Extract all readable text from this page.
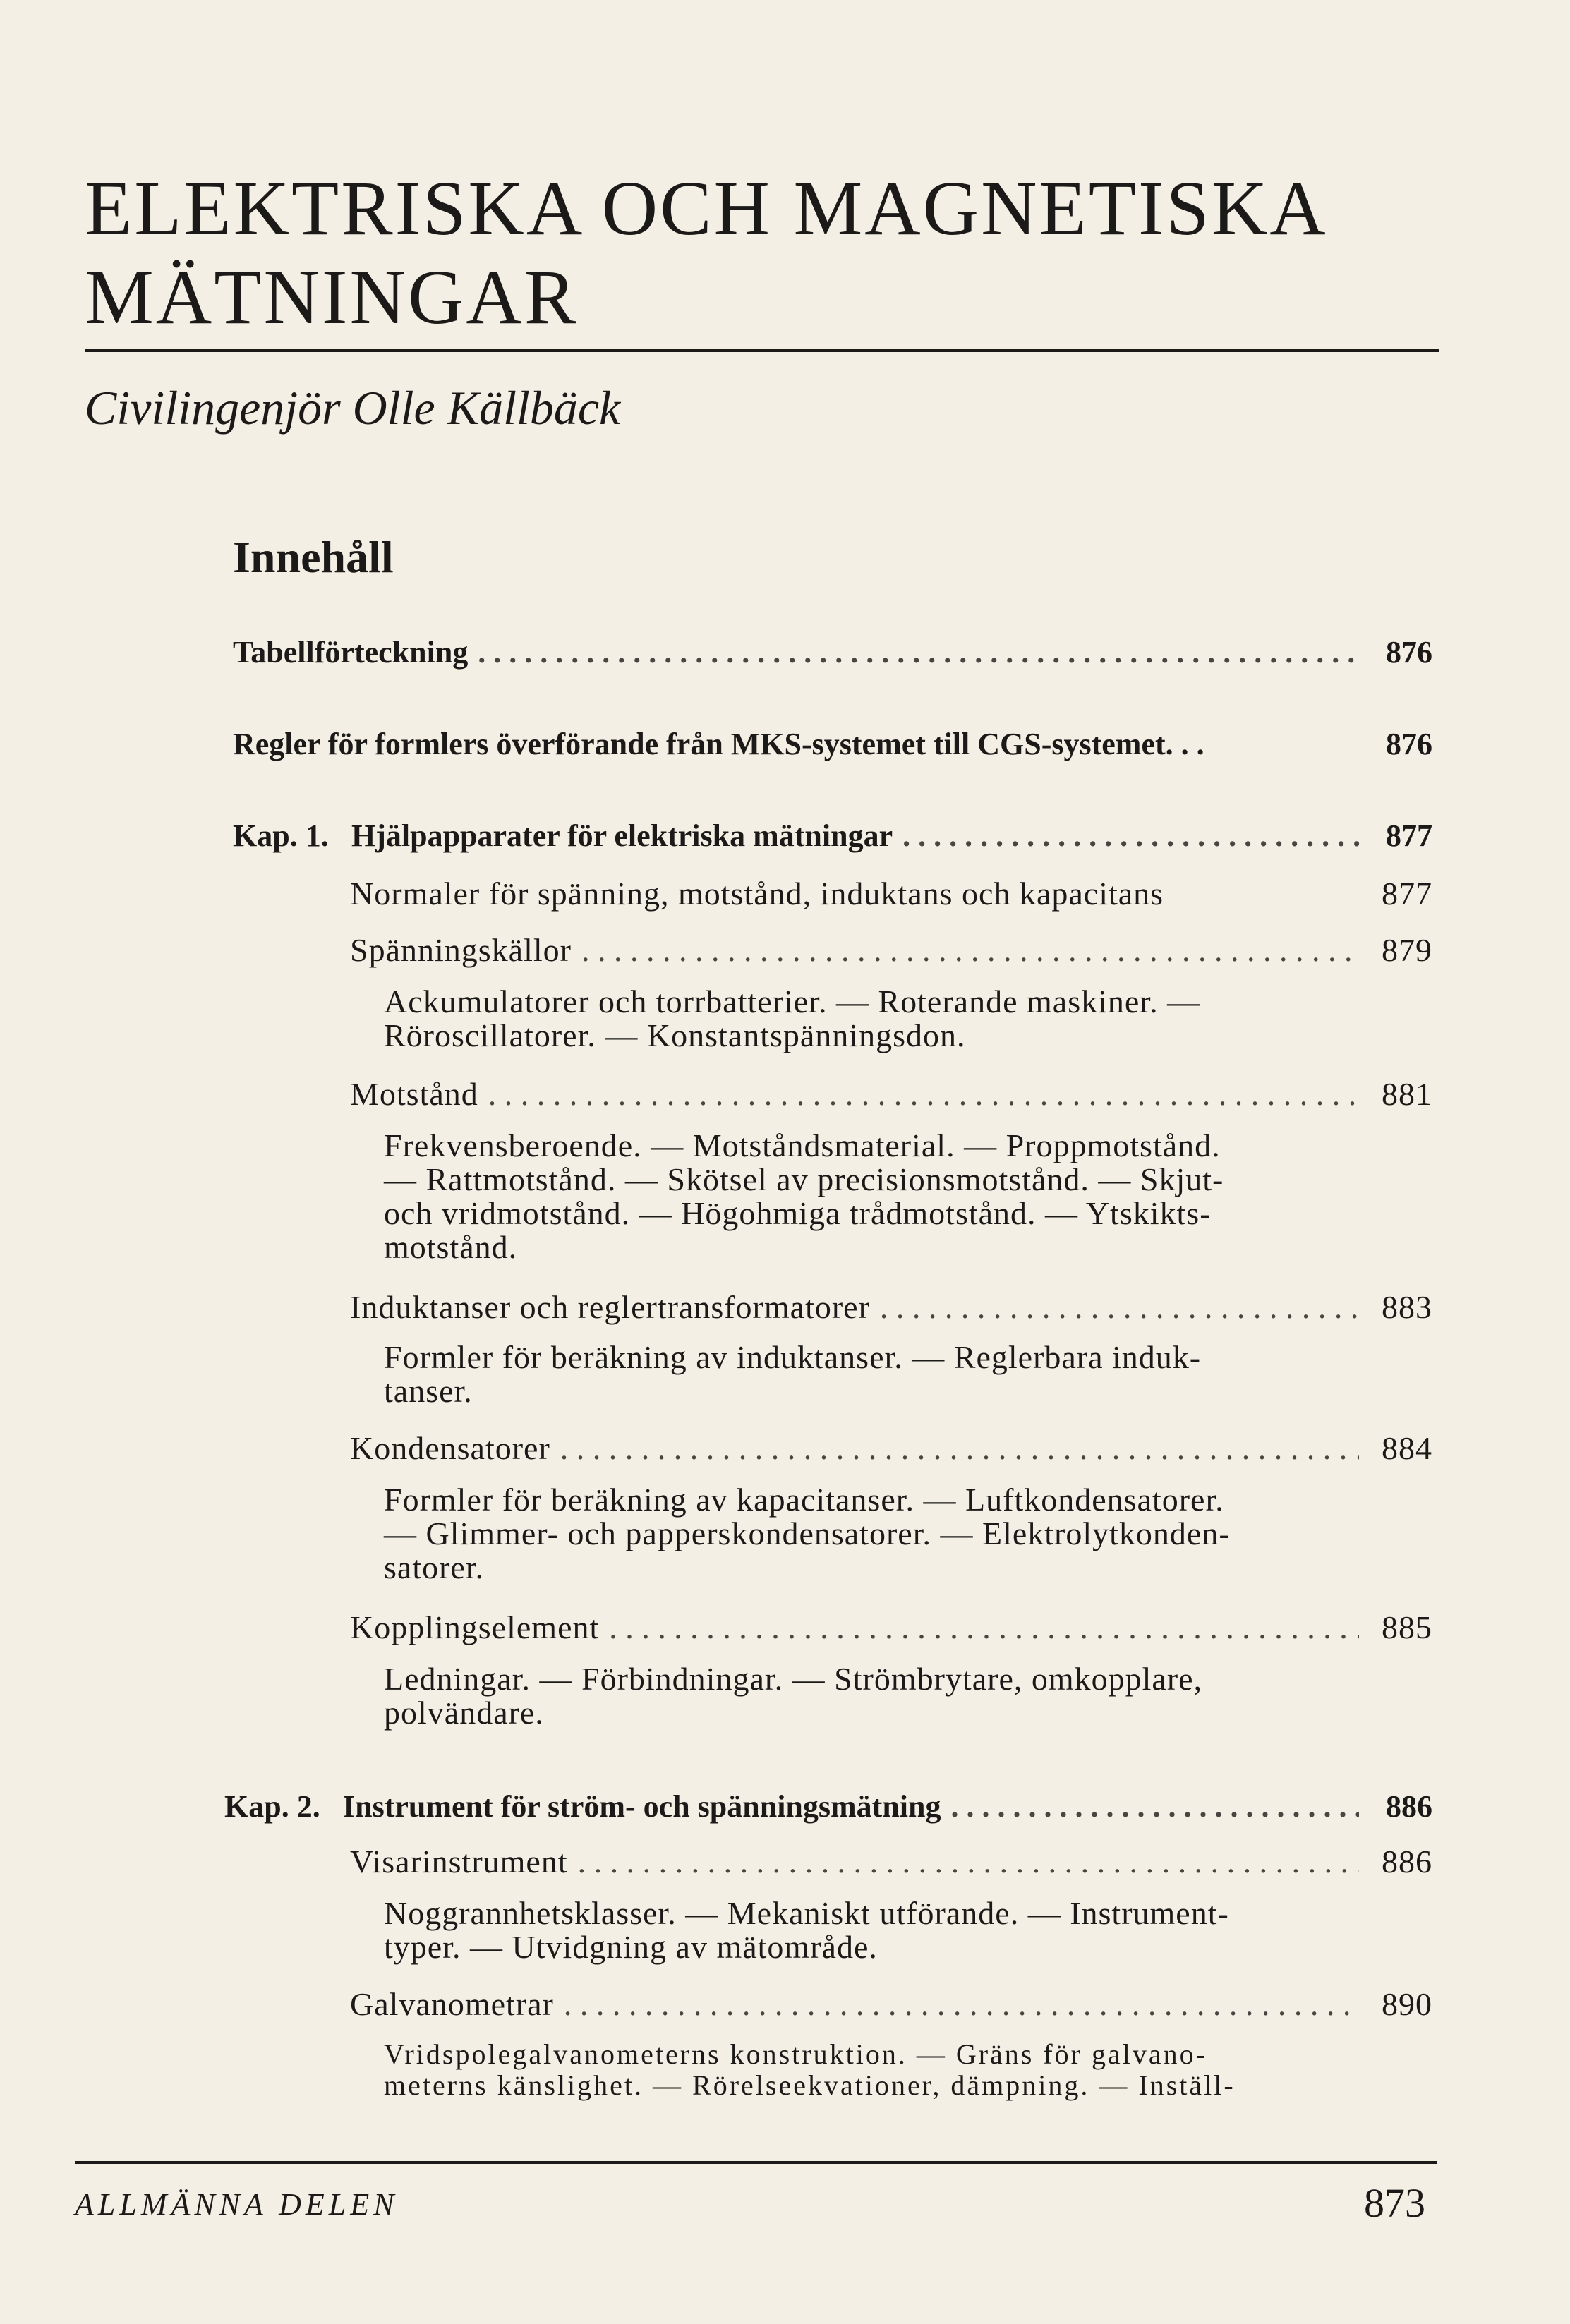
ELEKTRISKA OCH MAGNETISKA
MÄTNINGAR
Civilingenjör Olle Källbäck
Innehåll
Tabellförteckning . . .	876
Regler för formlers överförande från MKS-systemet till CGS-systemet. . .	876
Kap. 1. Hjälpapparater för elektriska mätningar . . .	877
Normaler för spänning, motstånd, induktans och kapacitans	877
Spänningskällor . . .	879
Ackumulatorer och torrbatterier. — Roterande maskiner. —
Röroscillatorer. — Konstantspänningsdon.
Motstånd . . .	881
Frekvensberoende. — Motståndsmaterial. — Proppmotstånd.
— Rattmotstånd. — Skötsel av precisionsmotstånd. — Skjut-
och vridmotstånd. — Högohmiga trådmotstånd. — Ytskikts-
motstånd.
Induktanser och reglertransformatorer . . .	883
Formler för beräkning av induktanser. — Reglerbara induk-
tanser.
Kondensatorer . . .	884
Formler för beräkning av kapacitanser. — Luftkondensatorer.
— Glimmer- och papperskondensatorer. — Elektrolytkonden-
satorer.
Kopplingselement . . .	885
Ledningar. — Förbindningar. — Strömbrytare, omkopplare,
polvändare.
Kap. 2. Instrument för ström- och spänningsmätning . . .	886
Visarinstrument . . .	886
Noggrannhetsklasser. — Mekaniskt utförande. — Instrument-
typer. — Utvidgning av mätområde.
Galvanometrar . . .	890
Vridspolegalvanometerns konstruktion. — Gräns för galvano-
meterns känslighet. — Rörelseekvationer, dämpning. — Inställ-
ALLMÄNNA DELEN	873
